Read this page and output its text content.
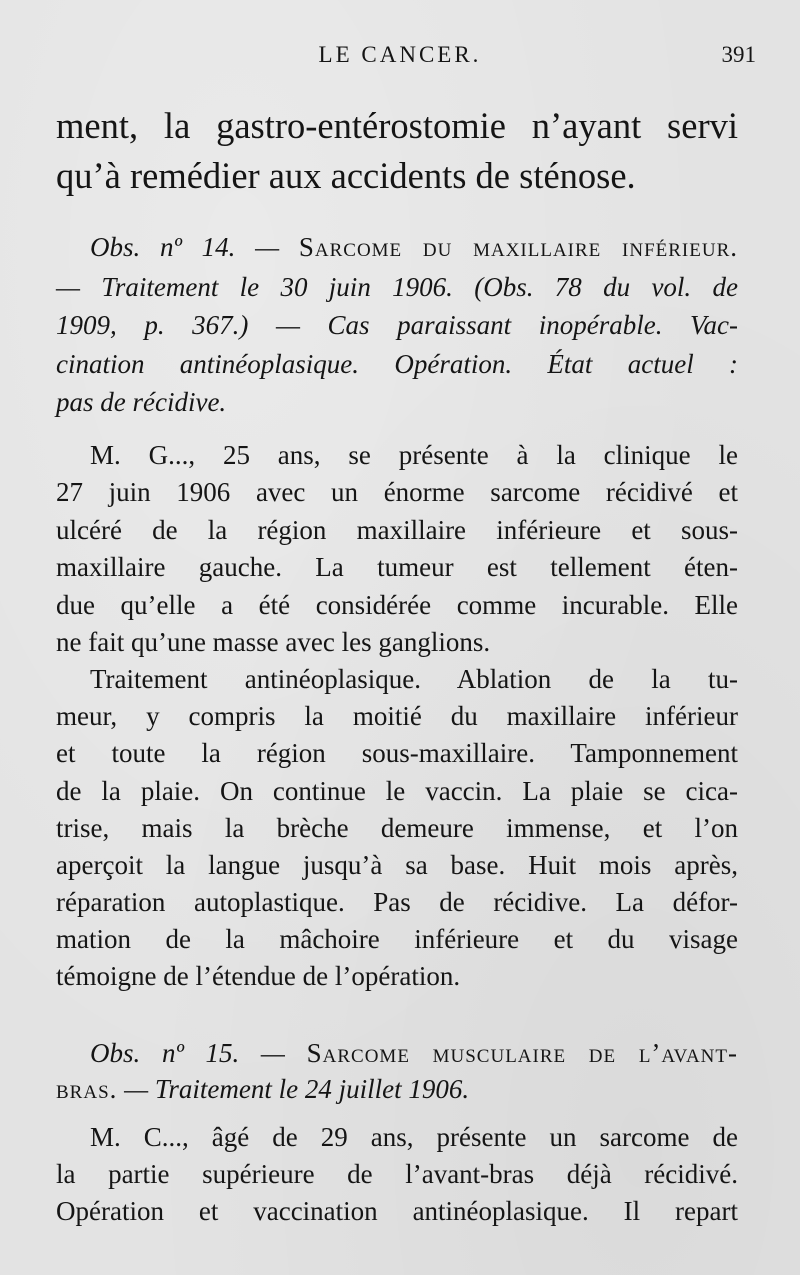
LE CANCER.	391
ment, la gastro-entérostomie n’ayant servi
qu’à remédier aux accidents de sténose.
Obs. nº 14. — Sarcome du maxillaire inférieur.
— Traitement le 30 juin 1906. (Obs. 78 du vol. de
1909, p. 367.) — Cas paraissant inopérable. Vac-
cination antinéoplasique. Opération. État actuel :
pas de récidive.
M. G..., 25 ans, se présente à la clinique le
27 juin 1906 avec un énorme sarcome récidivé et
ulcéré de la région maxillaire inférieure et sous-
maxillaire gauche. La tumeur est tellement éten-
due qu’elle a été considérée comme incurable. Elle
ne fait qu’une masse avec les ganglions.
Traitement antinéoplasique. Ablation de la tu-
meur, y compris la moitié du maxillaire inférieur
et toute la région sous-maxillaire. Tamponnement
de la plaie. On continue le vaccin. La plaie se cica-
trise, mais la brèche demeure immense, et l’on
aperçoit la langue jusqu’à sa base. Huit mois après,
réparation autoplastique. Pas de récidive. La défor-
mation de la mâchoire inférieure et du visage
témoigne de l’étendue de l’opération.
Obs. nº 15. — Sarcome musculaire de l’avant-
bras. — Traitement le 24 juillet 1906.
M. C..., âgé de 29 ans, présente un sarcome de
la partie supérieure de l’avant-bras déjà récidivé.
Opération et vaccination antinéoplasique. Il repart
